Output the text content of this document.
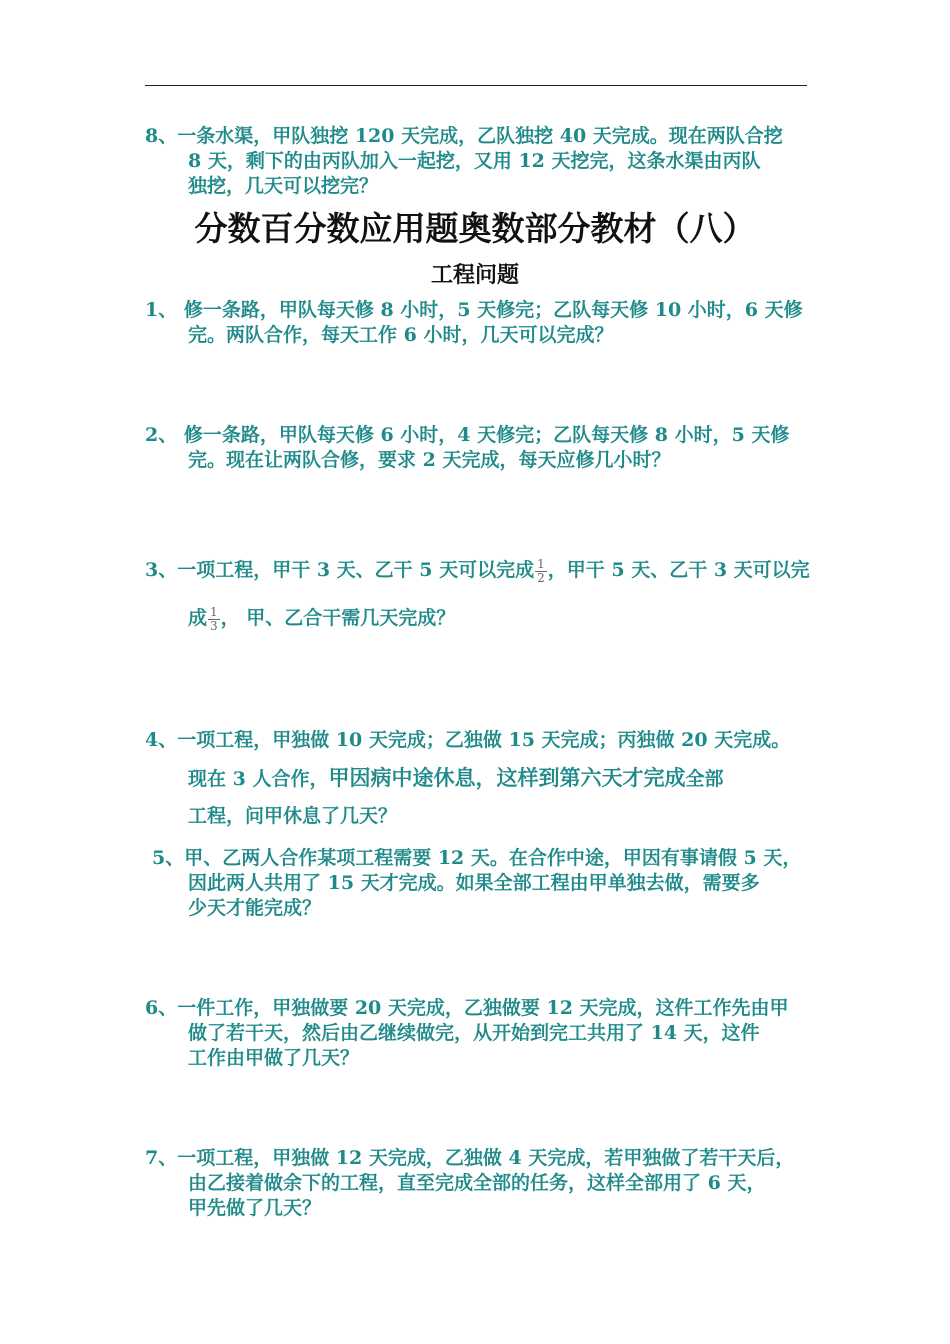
8、一条水渠，甲队独挖 120 天完成，乙队独挖 40 天完成。现在两队合挖
8 天，剩下的由丙队加入一起挖，又用 12 天挖完，这条水渠由丙队
独挖，几天可以挖完？
分数百分数应用题奥数部分教材（八）
工程问题
1、 修一条路，甲队每天修 8 小时，5 天修完；乙队每天修 10 小时，6 天修
完。两队合作，每天工作 6 小时，几天可以完成？
2、 修一条路，甲队每天修 6 小时，4 天修完；乙队每天修 8 小时，5 天修
完。现在让两队合修，要求 2 天完成，每天应修几小时？
3、一项工程，甲干 3 天、乙干 5 天可以完成 $\frac{1}{2}$ ，甲干 5 天、乙干 3 天可以完
成 $\frac{1}{3}$ ， 甲、乙合干需几天完成？
4、一项工程，甲独做 10 天完成；乙独做 15 天完成；丙独做 20 天完成。
现在 3 人合作，甲因病中途休息，这样到第六天才完成全部
工程，问甲休息了几天？
5、甲、乙两人合作某项工程需要 12 天。在合作中途，甲因有事请假 5 天，
因此两人共用了 15 天才完成。如果全部工程由甲单独去做，需要多
少天才能完成？
6、一件工作，甲独做要 20 天完成，乙独做要 12 天完成，这件工作先由甲
做了若干天，然后由乙继续做完，从开始到完工共用了 14 天，这件
工作由甲做了几天？
7、一项工程，甲独做 12 天完成，乙独做 4 天完成，若甲独做了若干天后，
由乙接着做余下的工程，直至完成全部的任务，这样全部用了 6 天，
甲先做了几天？
